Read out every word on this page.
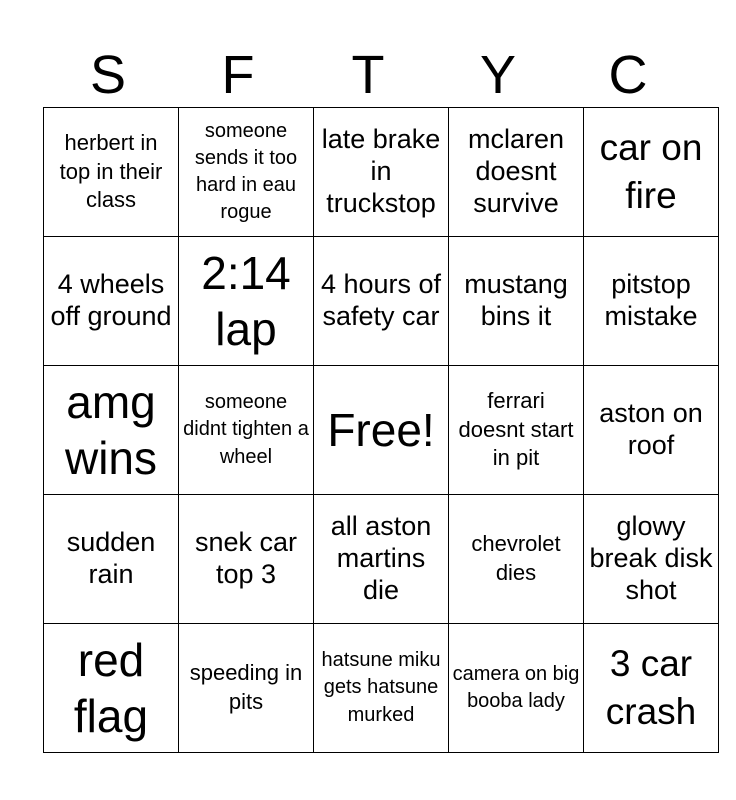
S	F	T	Y	C
herbert in top in their class	someone sends it too hard in eau rogue	late brake in truckstop	mclaren doesnt survive	car on fire
4 wheels off ground	2:14 lap	4 hours of safety car	mustang bins it	pitstop mistake
amg wins	someone didnt tighten a wheel	Free!	ferrari doesnt start in pit	aston on roof
sudden rain	snek car top 3	all aston martins die	chevrolet dies	glowy break disk shot
red flag	speeding in pits	hatsune miku gets hatsune murked	camera on big booba lady	3 car crash
